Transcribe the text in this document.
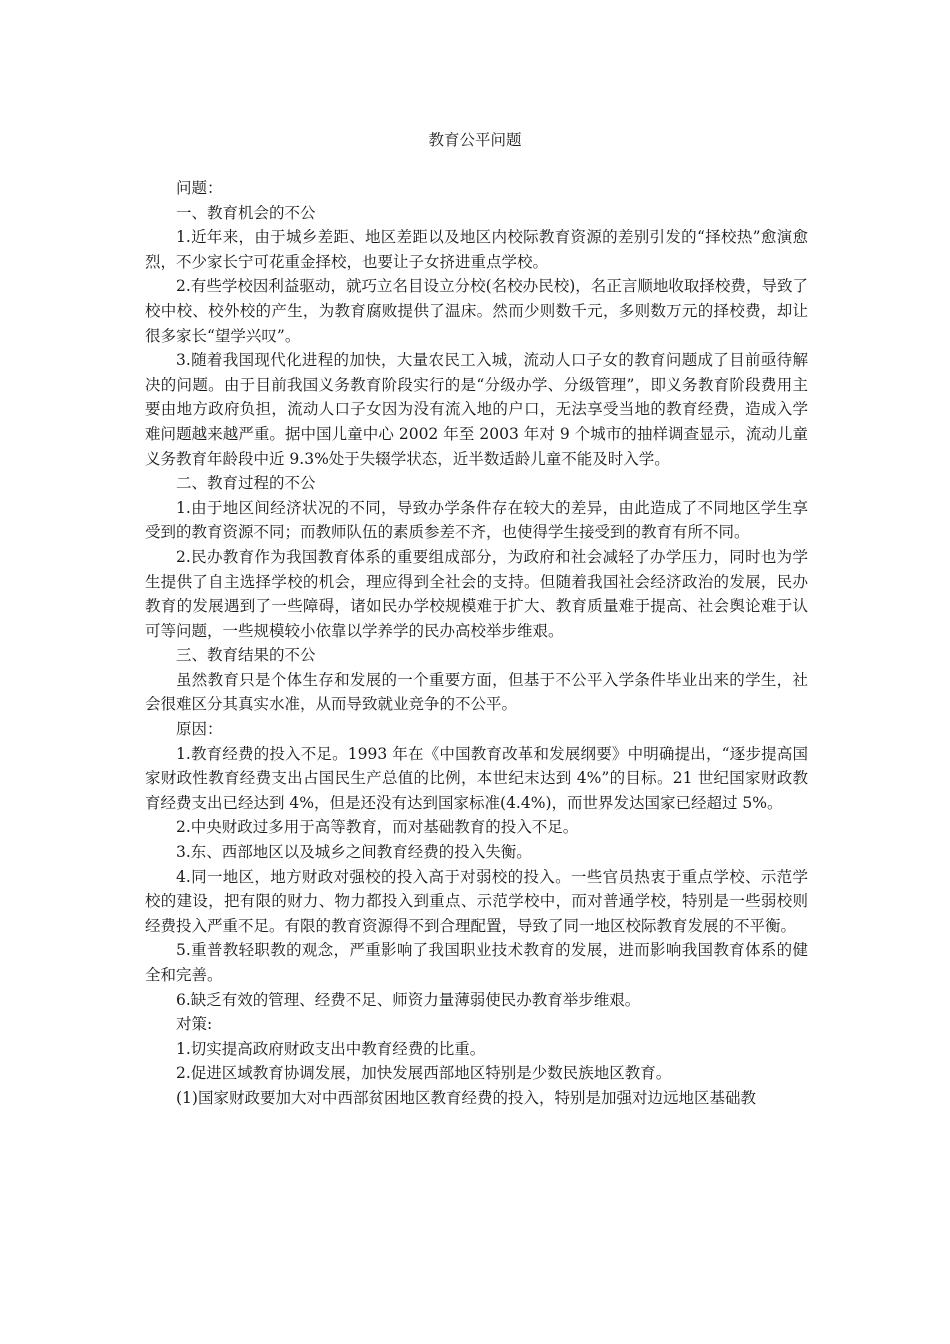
教育公平问题

问题：

一、教育机会的不公

1.近年来，由于城乡差距、地区差距以及地区内校际教育资源的差别引发的“择校热”愈演愈烈，不少家长宁可花重金择校，也要让子女挤进重点学校。

2.有些学校因利益驱动，就巧立名目设立分校(名校办民校)，名正言顺地收取择校费，导致了校中校、校外校的产生，为教育腐败提供了温床。然而少则数千元，多则数万元的择校费，却让很多家长“望学兴叹”。

3.随着我国现代化进程的加快，大量农民工入城，流动人口子女的教育问题成了目前亟待解决的问题。由于目前我国义务教育阶段实行的是“分级办学、分级管理”，即义务教育阶段费用主要由地方政府负担，流动人口子女因为没有流入地的户口，无法享受当地的教育经费，造成入学难问题越来越严重。据中国儿童中心 2002 年至 2003 年对 9 个城市的抽样调查显示，流动儿童义务教育年龄段中近 9.3%处于失辍学状态，近半数适龄儿童不能及时入学。

二、教育过程的不公

1.由于地区间经济状况的不同，导致办学条件存在较大的差异，由此造成了不同地区学生享受到的教育资源不同；而教师队伍的素质参差不齐，也使得学生接受到的教育有所不同。

2.民办教育作为我国教育体系的重要组成部分，为政府和社会减轻了办学压力，同时也为学生提供了自主选择学校的机会，理应得到全社会的支持。但随着我国社会经济政治的发展，民办教育的发展遇到了一些障碍，诸如民办学校规模难于扩大、教育质量难于提高、社会舆论难于认可等问题，一些规模较小依靠以学养学的民办高校举步维艰。

三、教育结果的不公

虽然教育只是个体生存和发展的一个重要方面，但基于不公平入学条件毕业出来的学生，社会很难区分其真实水准，从而导致就业竞争的不公平。

原因：

1.教育经费的投入不足。1993 年在《中国教育改革和发展纲要》中明确提出，“逐步提高国家财政性教育经费支出占国民生产总值的比例，本世纪末达到 4%”的目标。21 世纪国家财政教育经费支出已经达到 4%，但是还没有达到国家标准(4.4%)，而世界发达国家已经超过 5%。

2.中央财政过多用于高等教育，而对基础教育的投入不足。

3.东、西部地区以及城乡之间教育经费的投入失衡。

4.同一地区，地方财政对强校的投入高于对弱校的投入。一些官员热衷于重点学校、示范学校的建设，把有限的财力、物力都投入到重点、示范学校中，而对普通学校，特别是一些弱校则经费投入严重不足。有限的教育资源得不到合理配置，导致了同一地区校际教育发展的不平衡。

5.重普教轻职教的观念，严重影响了我国职业技术教育的发展，进而影响我国教育体系的健全和完善。

6.缺乏有效的管理、经费不足、师资力量薄弱使民办教育举步维艰。

对策:

1.切实提高政府财政支出中教育经费的比重。

2.促进区域教育协调发展，加快发展西部地区特别是少数民族地区教育。

(1)国家财政要加大对中西部贫困地区教育经费的投入，特别是加强对边远地区基础教
